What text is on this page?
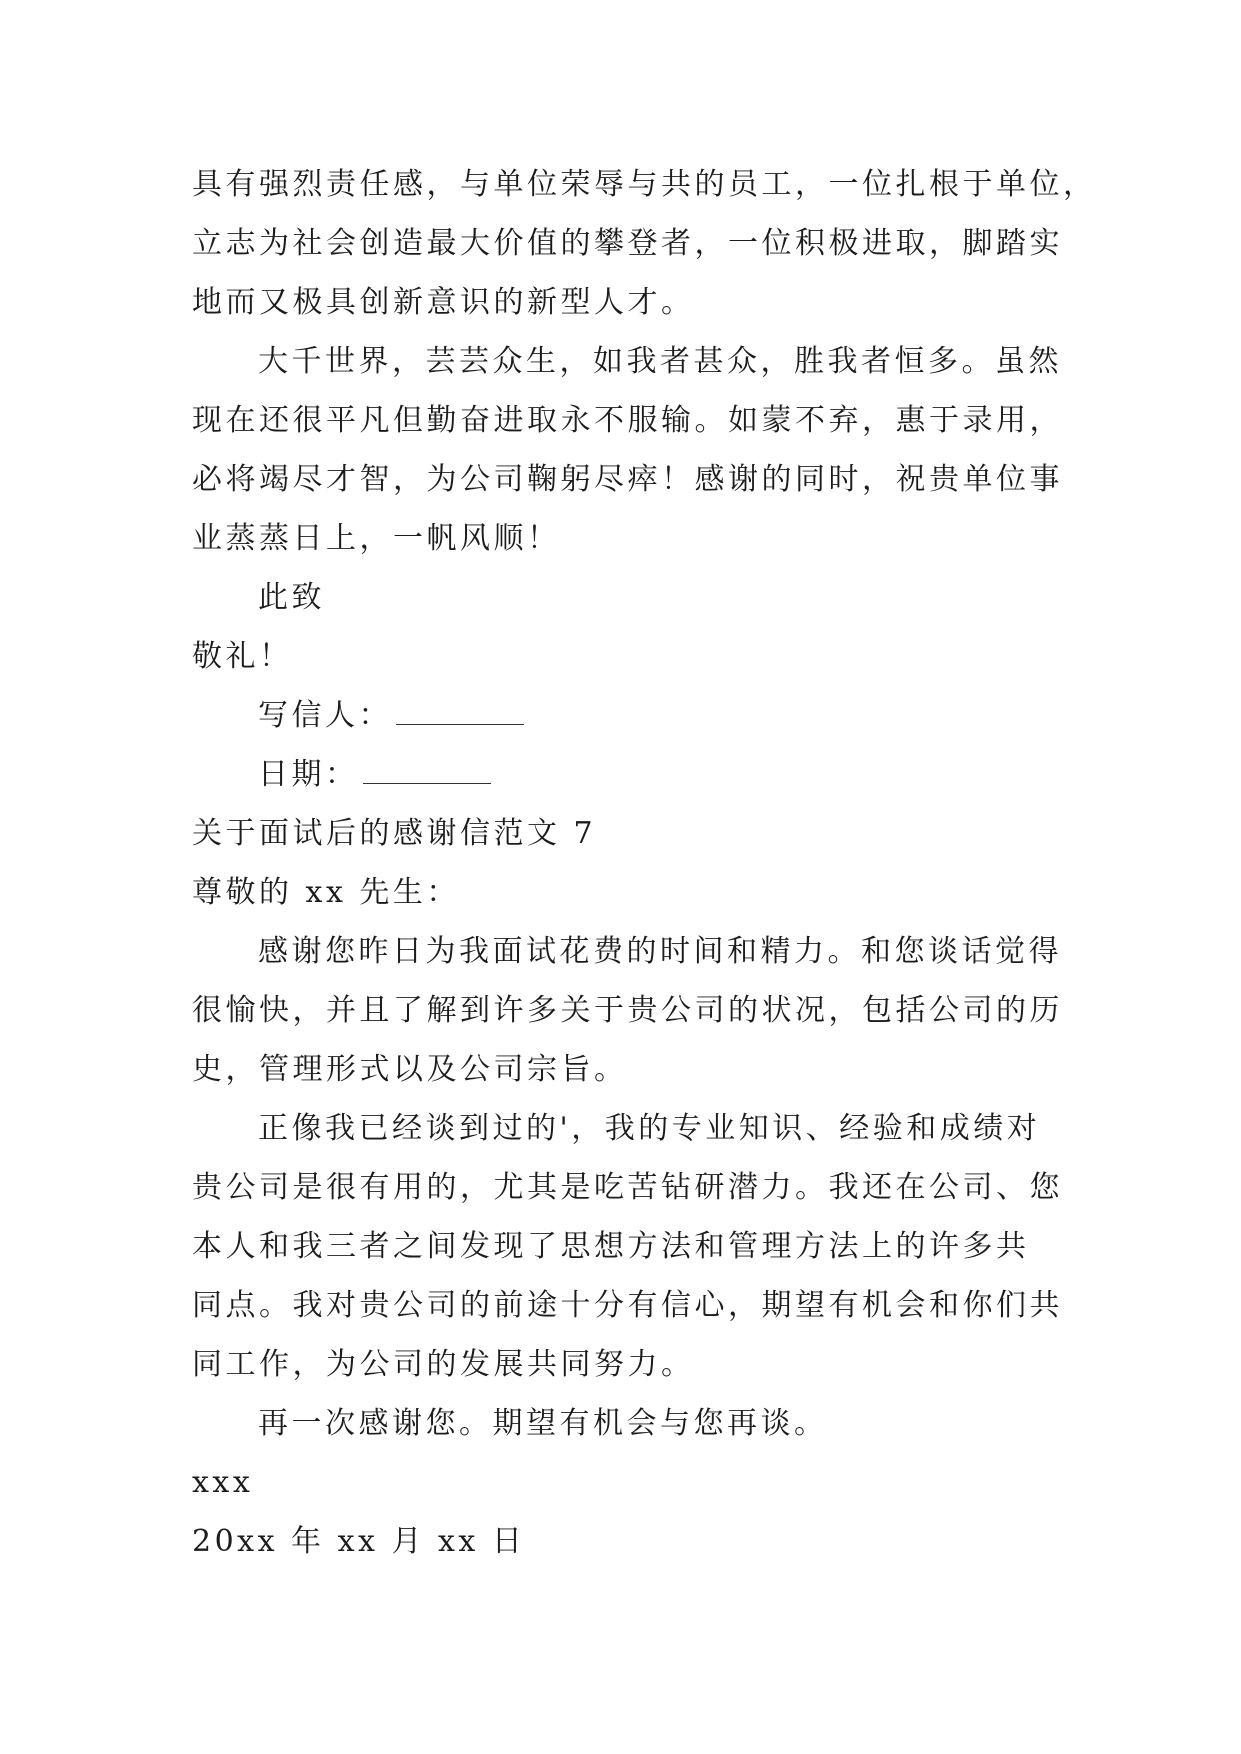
具有强烈责任感，与单位荣辱与共的员工，一位扎根于单位，
立志为社会创造最大价值的攀登者，一位积极进取，脚踏实
地而又极具创新意识的新型人才。
大千世界，芸芸众生，如我者甚众，胜我者恒多。虽然
现在还很平凡但勤奋进取永不服输。如蒙不弃，惠于录用，
必将竭尽才智，为公司鞠躬尽瘁！感谢的同时，祝贵单位事
业蒸蒸日上，一帆风顺！
此致
敬礼！
写信人：
日期：
关于面试后的感谢信范文 7
尊敬的 xx 先生：
感谢您昨日为我面试花费的时间和精力。和您谈话觉得
很愉快，并且了解到许多关于贵公司的状况，包括公司的历
史，管理形式以及公司宗旨。
正像我已经谈到过的'，我的专业知识、经验和成绩对
贵公司是很有用的，尤其是吃苦钻研潜力。我还在公司、您
本人和我三者之间发现了思想方法和管理方法上的许多共
同点。我对贵公司的前途十分有信心，期望有机会和你们共
同工作，为公司的发展共同努力。
再一次感谢您。期望有机会与您再谈。
xxx
20xx 年 xx 月 xx 日
